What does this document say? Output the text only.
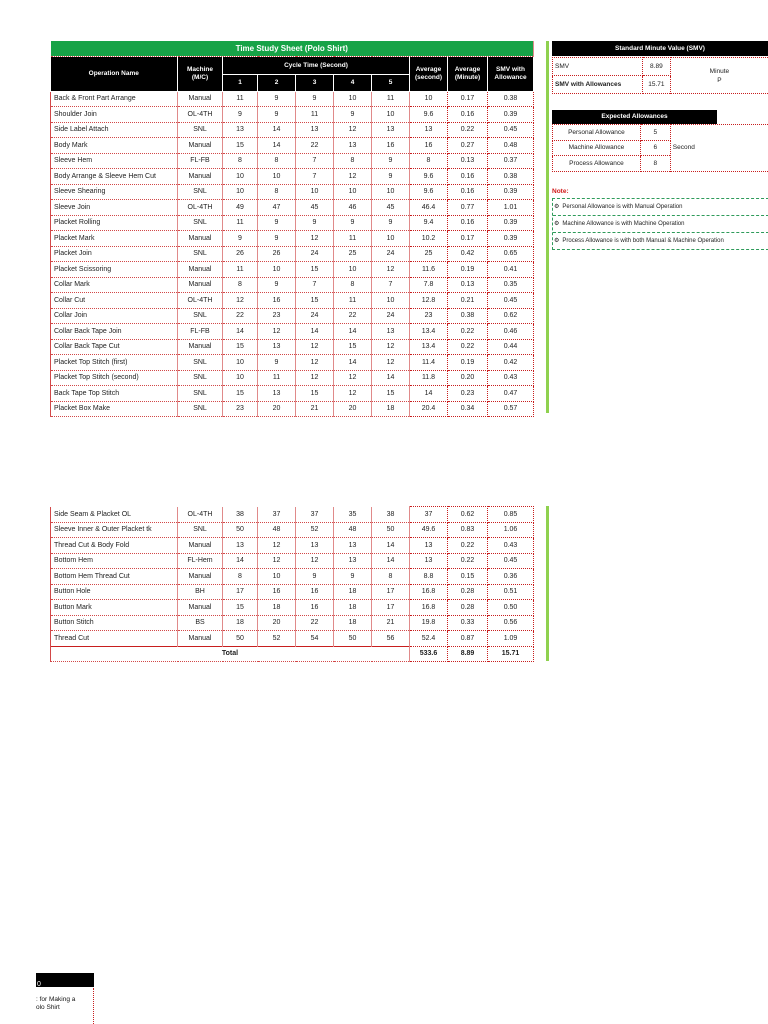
Time Study Sheet (Polo Shirt)									
Operation Name	Machine (M/C)	Cycle Time (Second)					Average (second)	Average (Minute)	SMV with Allowance
		1	2	3	4	5			
Back & Front Part Arrange	Manual	11	9	9	10	11	10	0.17	0.38
Shoulder Join	OL-4TH	9	9	11	9	10	9.6	0.16	0.39
Side Label Attach	SNL	13	14	13	12	13	13	0.22	0.45
Body Mark	Manual	15	14	22	13	16	16	0.27	0.48
Sleeve Hem	FL-FB	8	8	7	8	9	8	0.13	0.37
Body Arrange & Sleeve Hem Cut	Manual	10	10	7	12	9	9.6	0.16	0.38
Sleeve Shearing	SNL	10	8	10	10	10	9.6	0.16	0.39
Sleeve Join	OL-4TH	49	47	45	46	45	46.4	0.77	1.01
Placket Rolling	SNL	11	9	9	9	9	9.4	0.16	0.39
Placket Mark	Manual	9	9	12	11	10	10.2	0.17	0.39
Placket Join	SNL	26	26	24	25	24	25	0.42	0.65
Placket Scissoring	Manual	11	10	15	10	12	11.6	0.19	0.41
Collar Mark	Manual	8	9	7	8	7	7.8	0.13	0.35
Collar Cut	OL-4TH	12	16	15	11	10	12.8	0.21	0.45
Collar Join	SNL	22	23	24	22	24	23	0.38	0.62
Collar Back Tape Join	FL-FB	14	12	14	14	13	13.4	0.22	0.46
Collar Back Tape Cut	Manual	15	13	12	15	12	13.4	0.22	0.44
Placket Top Stitch (first)	SNL	10	9	12	14	12	11.4	0.19	0.42
Placket Top Stitch (second)	SNL	10	11	12	12	14	11.8	0.20	0.43
Back Tape Top Stitch	SNL	15	13	15	12	15	14	0.23	0.47
Placket Box Make	SNL	23	20	21	20	18	20.4	0.34	0.57
Side Seam & Placket OL	OL-4TH	38	37	37	35	38	37	0.62	0.85
Sleeve Inner & Outer Placket tk	SNL	50	48	52	48	50	49.6	0.83	1.06
Thread Cut & Body Fold	Manual	13	12	13	13	14	13	0.22	0.43
Bottom Hem	FL-Hem	14	12	12	13	14	13	0.22	0.45
Bottom Hem Thread Cut	Manual	8	10	9	9	8	8.8	0.15	0.36
Button Hole	BH	17	16	16	18	17	16.8	0.28	0.51
Button Mark	Manual	15	18	16	18	17	16.8	0.28	0.50
Button Stitch	BS	18	20	22	18	21	19.8	0.33	0.56
Thread Cut	Manual	50	52	54	50	56	52.4	0.87	1.09
Total							533.6	8.89	15.71
Standard Minute Value (SMV)
SMV	8.89	Minute
P
SMV with Allowances	15.71	
Expected Allowances
Personal Allowance	5	Second
Machine Allowance	6	
Process Allowance	8	
Note:
⚙ Personal Allowance is with Manual Operation
⚙ Machine Allowance is with Machine Operation
⚙ Process Allowance is with both Manual & Machine Operation
0
: for Making a
olo Shirt
